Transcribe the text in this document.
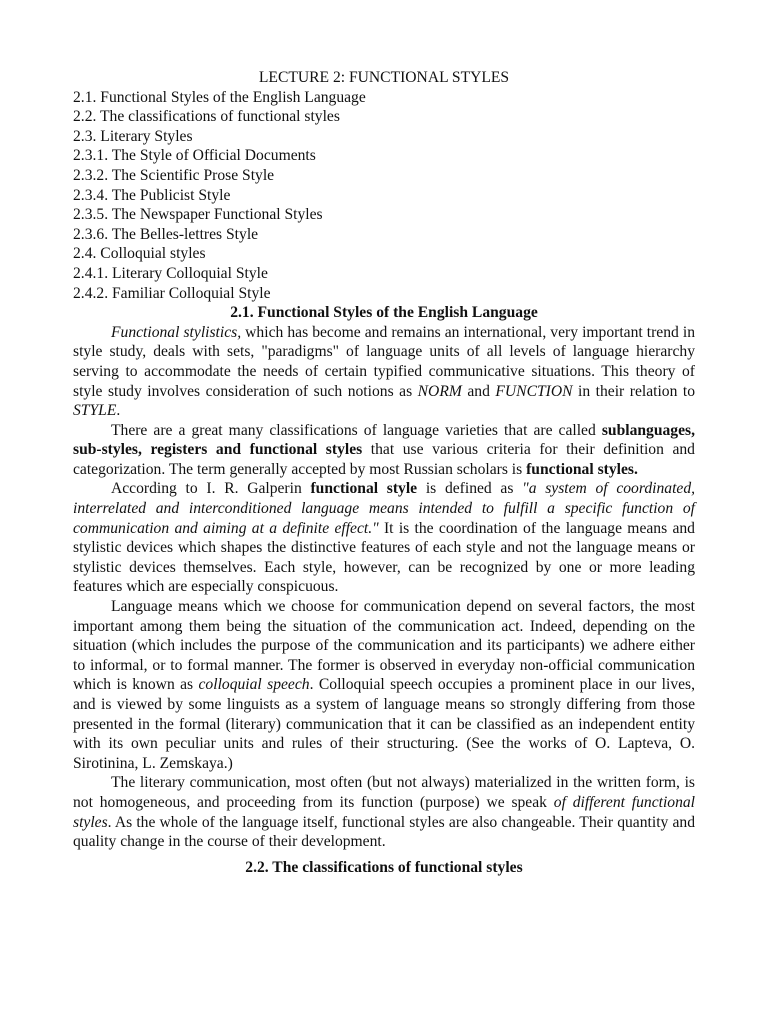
LECTURE 2: FUNCTIONAL STYLES

2.1. Functional Styles of the English Language
2.2. The classifications of functional styles
2.3. Literary Styles
2.3.1. The Style of Official Documents
2.3.2. The Scientific Prose Style
2.3.4. The Publicist Style
2.3.5. The Newspaper Functional Styles
2.3.6. The Belles-lettres Style
2.4. Colloquial styles
2.4.1. Literary Colloquial Style
2.4.2. Familiar Colloquial Style

2.1. Functional Styles of the English Language

Functional stylistics, which has become and remains an international, very important trend in style study, deals with sets, "paradigms" of language units of all levels of language hierarchy serving to accommodate the needs of certain typified communicative situations. This theory of style study involves consideration of such notions as NORM and FUNCTION in their relation to STYLE.

There are a great many classifications of language varieties that are called sublanguages, sub-styles, registers and functional styles that use various criteria for their definition and categorization. The term generally accepted by most Russian scholars is functional styles.

According to I. R. Galperin functional style is defined as "a system of coordinated, interrelated and interconditioned language means intended to fulfill a specific function of communication and aiming at a definite effect." It is the coordination of the language means and stylistic devices which shapes the distinctive features of each style and not the language means or stylistic devices themselves. Each style, however, can be recognized by one or more leading features which are especially conspicuous.

Language means which we choose for communication depend on several factors, the most important among them being the situation of the communication act. Indeed, depending on the situation (which includes the purpose of the communication and its participants) we adhere either to informal, or to formal manner. The former is observed in everyday non-official communication which is known as colloquial speech. Colloquial speech occupies a prominent place in our lives, and is viewed by some linguists as a system of language means so strongly differing from those presented in the formal (literary) communication that it can be classified as an independent entity with its own peculiar units and rules of their structuring. (See the works of O. Lapteva, O. Sirotinina, L. Zemskaya.)

The literary communication, most often (but not always) materialized in the written form, is not homogeneous, and proceeding from its function (purpose) we speak of different functional styles. As the whole of the language itself, functional styles are also changeable. Their quantity and quality change in the course of their development.

2.2. The classifications of functional styles
